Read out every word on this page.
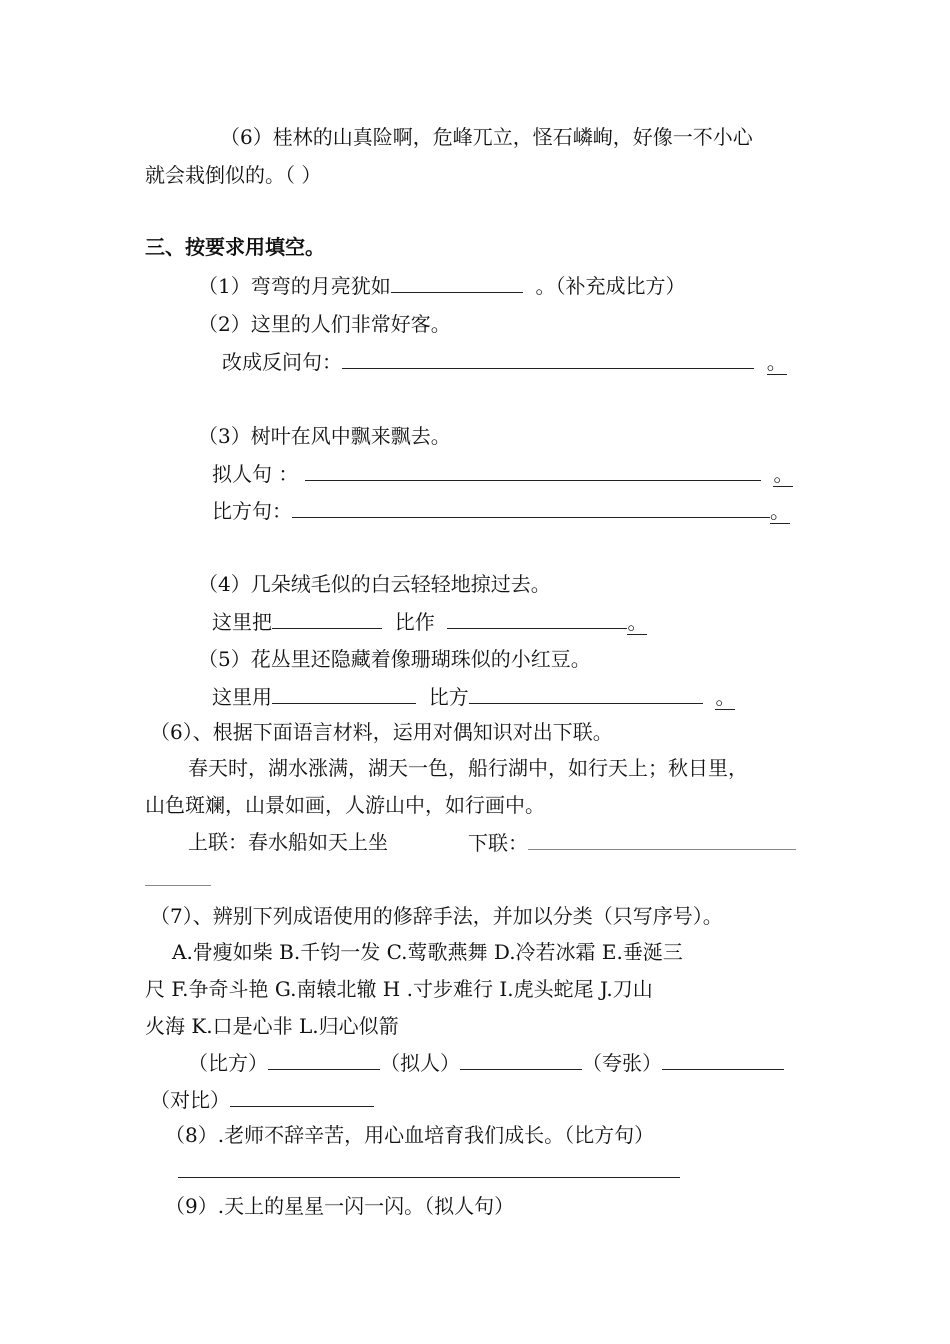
（6）桂林的山真险啊，危峰兀立，怪石嶙峋，好像一不小心
就会栽倒似的。（ ）
三、按要求用填空。
（1）弯弯的月亮犹如	。（补充成比方）
（2）这里的人们非常好客。
改成反问句：	。
（3）树叶在风中飘来飘去。
拟人句 ：	。
比方句：	。
（4）几朵绒毛似的白云轻轻地掠过去。
这里把	比作	。
（5）花丛里还隐藏着像珊瑚珠似的小红豆。
这里用	比方	。
（6）、根据下面语言材料，运用对偶知识对出下联。
春天时，湖水涨满，湖天一色，船行湖中，如行天上；秋日里，
山色斑斓，山景如画，人游山中，如行画中。
上联：春水船如天上坐	下联：
（7）、辨别下列成语使用的修辞手法，并加以分类（只写序号）。
A.骨瘦如柴 B.千钧一发 C.莺歌燕舞 D.冷若冰霜 E.垂涎三
尺 F.争奇斗艳 G.南辕北辙 H .寸步难行 I.虎头蛇尾 J.刀山
火海 K.口是心非 L.归心似箭
（比方）	（拟人）	（夸张）
（对比）
（8）.老师不辞辛苦，用心血培育我们成长。（比方句）
（9）.天上的星星一闪一闪。（拟人句）
